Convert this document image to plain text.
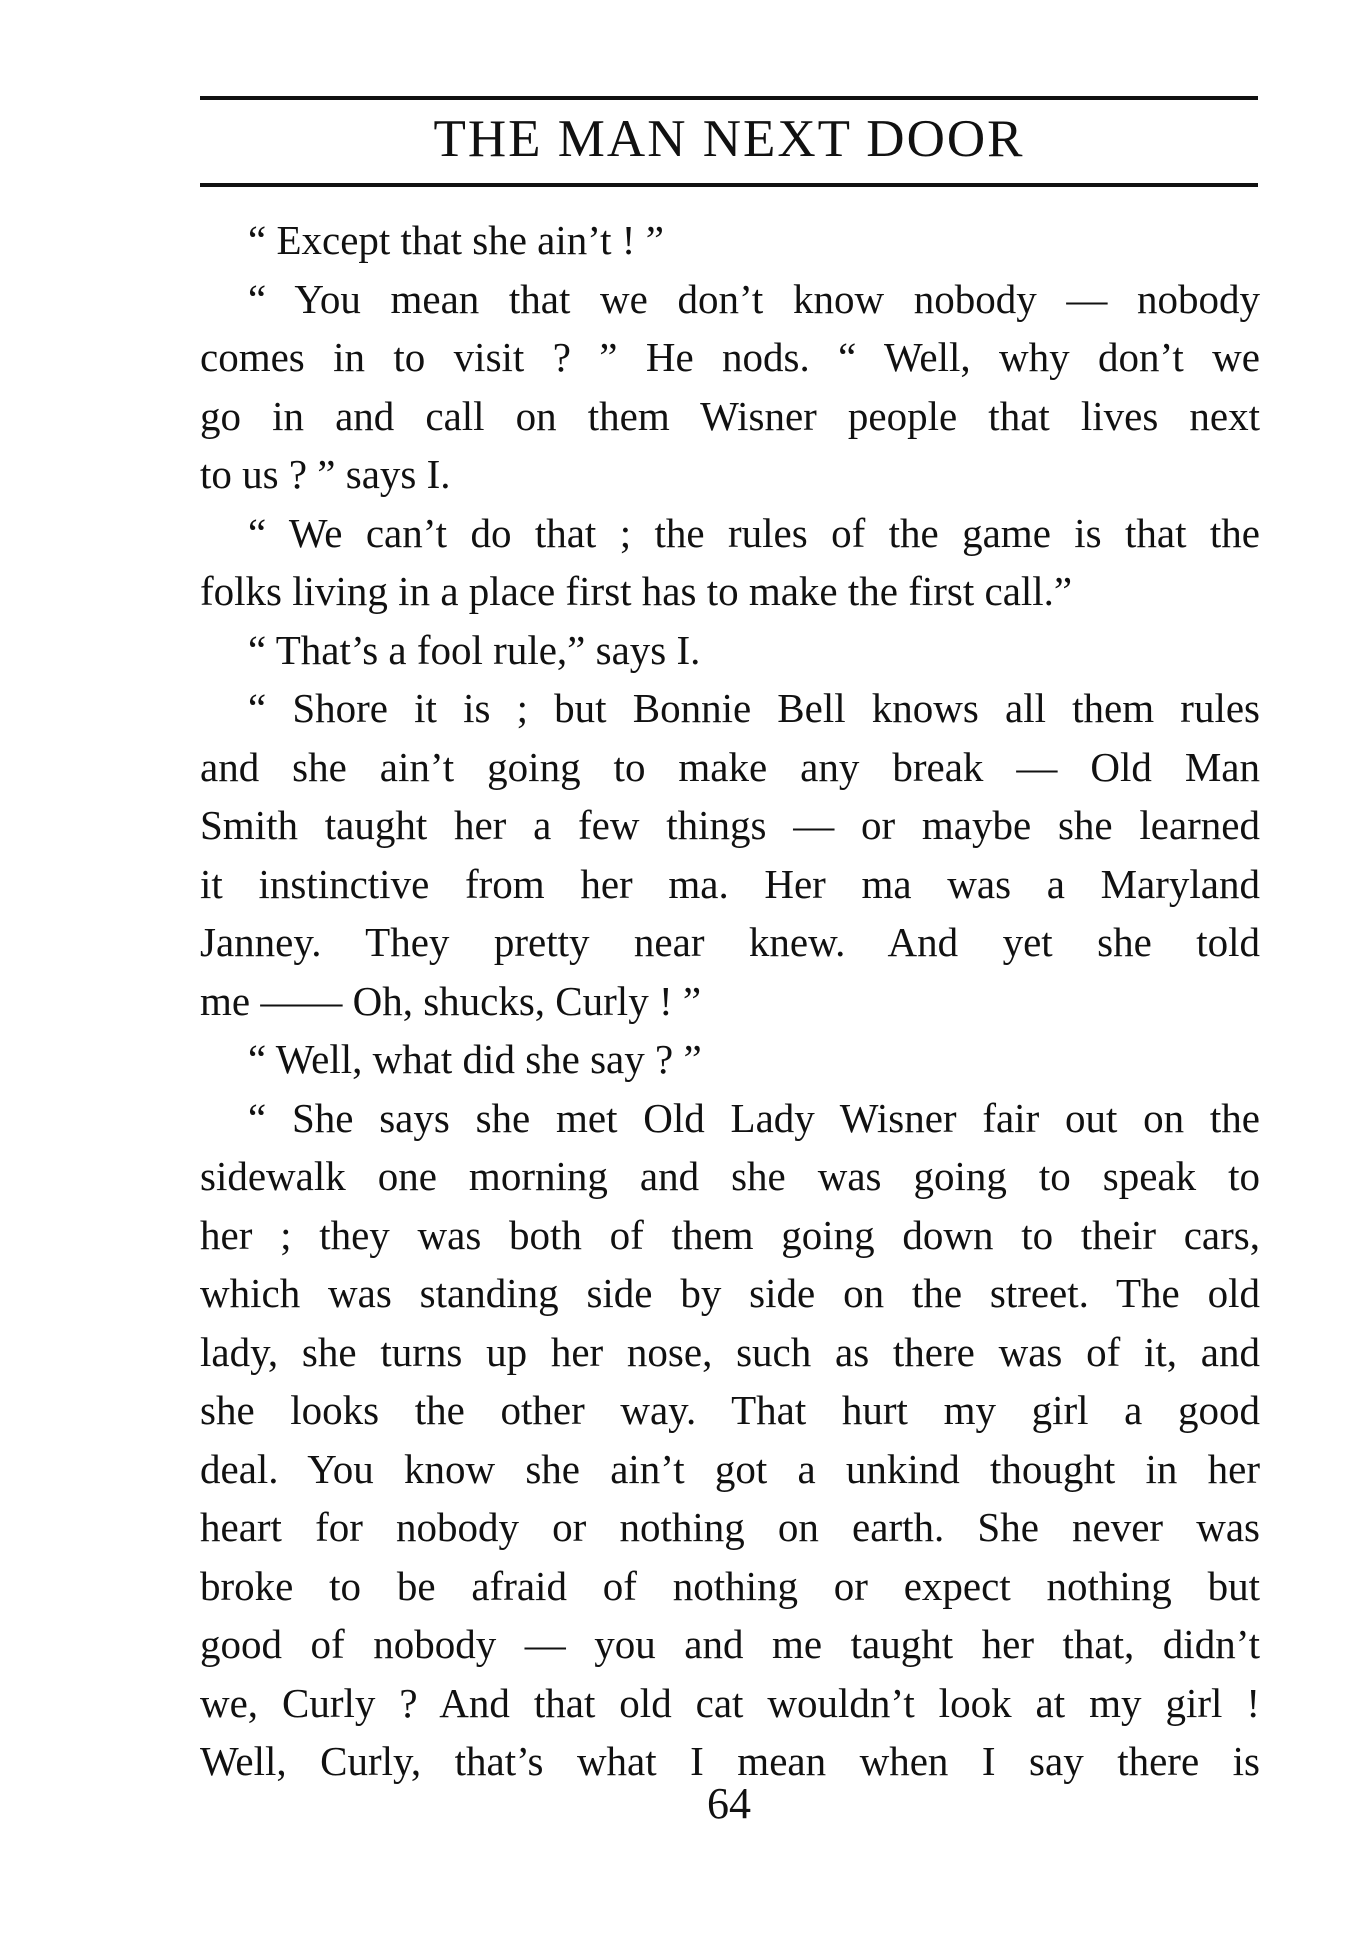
THE MAN NEXT DOOR
“ Except that she ain’t ! ”
“ You mean that we don’t know nobody — nobody
comes in to visit ? ” He nods. “ Well, why don’t we
go in and call on them Wisner people that lives next
to us ? ” says I.
“ We can’t do that ; the rules of the game is that the
folks living in a place first has to make the first call.”
“ That’s a fool rule,” says I.
“ Shore it is ; but Bonnie Bell knows all them rules
and she ain’t going to make any break — Old Man
Smith taught her a few things — or maybe she learned
it instinctive from her ma. Her ma was a Maryland
Janney. They pretty near knew. And yet she told
me —— Oh, shucks, Curly ! ”
“ Well, what did she say ? ”
“ She says she met Old Lady Wisner fair out on the
sidewalk one morning and she was going to speak to
her ; they was both of them going down to their cars,
which was standing side by side on the street. The old
lady, she turns up her nose, such as there was of it, and
she looks the other way. That hurt my girl a good
deal. You know she ain’t got a unkind thought in her
heart for nobody or nothing on earth. She never was
broke to be afraid of nothing or expect nothing but
good of nobody — you and me taught her that, didn’t
we, Curly ? And that old cat wouldn’t look at my girl !
Well, Curly, that’s what I mean when I say there is
64
